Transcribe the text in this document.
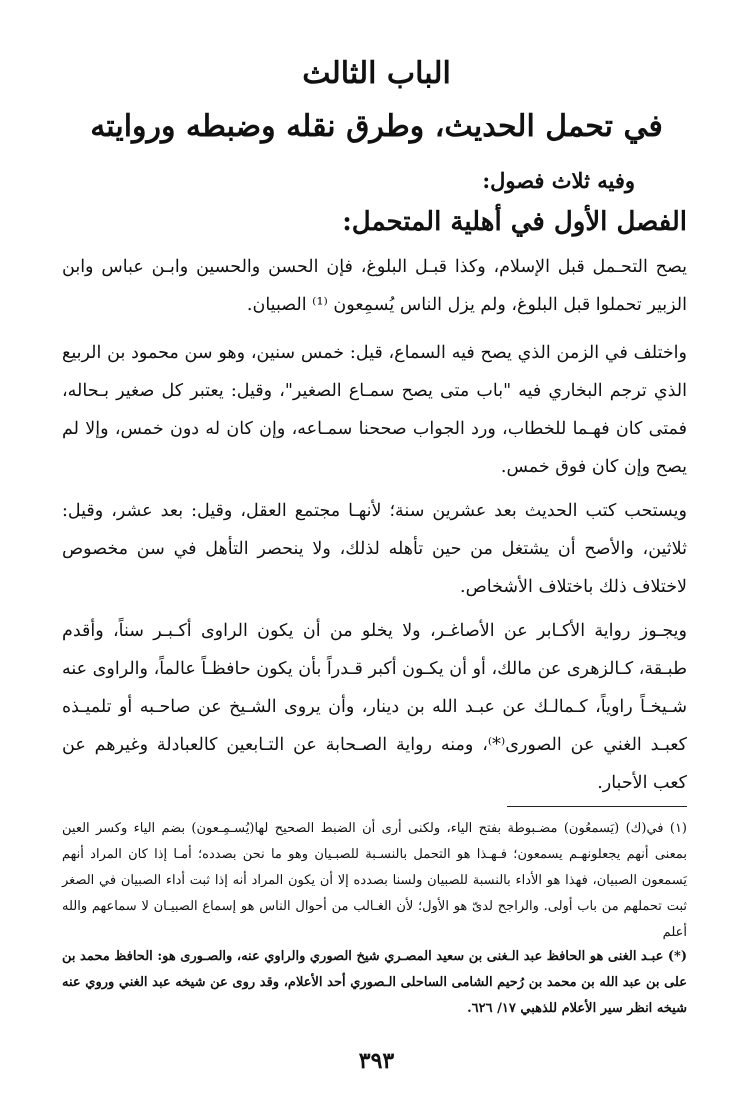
الباب الثالث
في تحمل الحديث، وطرق نقله وضبطه وروايته
وفيه ثلاث فصول:
الفصل الأول في أهلية المتحمل:

يصح التحـمل قبل الإسلام، وكذا قبـل البلوغ، فإن الحسن والحسين وابـن عباس وابن الزبير تحملوا قبل البلوغ، ولم يزل الناس يُسمِعون ⁽¹⁾ الصبيان.

واختلف في الزمن الذي يصح فيه السماع، قيل: خمس سنين، وهو سن محمود بن الربيع الذي ترجم البخاري فيه "باب متى يصح سمـاع الصغير"، وقيل: يعتبر كل صغير بـحاله، فمتى كان فهـما للخطاب، ورد الجواب صححنا سمـاعه، وإن كان له دون خمس، وإلا لم يصح وإن كان فوق خمس.

ويستحب كتب الحديث بعد عشرين سنة؛ لأنهـا مجتمع العقل، وقيل: بعد عشر، وقيل: ثلاثين، والأصح أن يشتغل من حين تأهله لذلك، ولا ينحصر التأهل في سن مخصوص لاختلاف ذلك باختلاف الأشخاص.

ويجـوز رواية الأكـابر عن الأصاغـر، ولا يخلو من أن يكون الراوى أكـبـر سناً، وأقدم طبـقة، كـالزهرى عن مالك، أو أن يكـون أكبر قـدراً بأن يكون حافظـاً عالماً، والراوى عنه شـيخـاً راوياً، كـمالـك عن عبـد الله بن دينار، وأن يروى الشـيخ عن صاحـبه أو تلميـذه كعبـد الغني عن الصورى⁽*⁾، ومنه رواية الصـحابة عن التـابعين كالعبادلة وغيرهم عن كعب الأحبار.

(١) في(ك) (يَسمعُون) مضـبوطة بفتح الياء، ولكنى أرى أن الضبط الصحيح لها(يُسـمِـعون) بضم الياء وكسر العين بمعنى أنهم يجعلونهـم يسمعون؛ فـهـذا هو التحمل بالنسـبة للصبـيان وهو ما نحن بصدده؛ أمـا إذا كان المراد أنهم يَسمعون الصبيان، فهذا هو الأداء بالنسبة للصبيان ولسنا بصدده إلا أن يكون المراد أنه إذا ثبت أداء الصبيان في الصغر ثبت تحملهم من باب أولى. والراجح لدىّ هو الأول؛ لأن الغـالب من أحوال الناس هو إسماع الصبيـان لا سماعهم والله أعلم

(*) عبـد الغنى هو الحافظ عبد الـغنى بن سعيد المصـري شيخ الصوري والراوي عنه، والصـورى هو: الحافظ محمد بن على بن عبد الله بن محمد بن رُحيم الشامى الساحلى الـصوري أحد الأعلام، وقد روى عن شيخه عبد الغني وروي عنه شيخه انظر سير الأعلام للذهبي ١٧/ ٦٢٦.

٣٩٣
